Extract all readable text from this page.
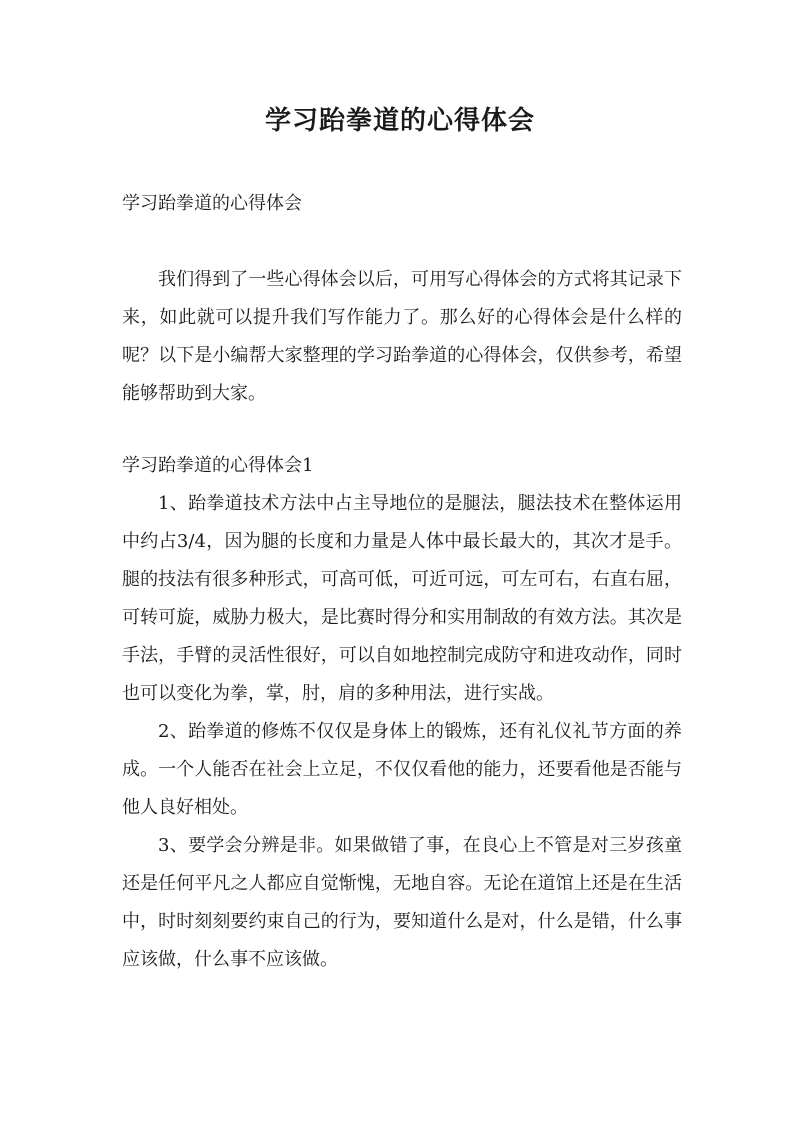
学习跆拳道的心得体会

学习跆拳道的心得体会

我们得到了一些心得体会以后，可用写心得体会的方式将其记录下来，如此就可以提升我们写作能力了。那么好的心得体会是什么样的呢？以下是小编帮大家整理的学习跆拳道的心得体会，仅供参考，希望能够帮助到大家。

学习跆拳道的心得体会1

1、跆拳道技术方法中占主导地位的是腿法，腿法技术在整体运用中约占3/4，因为腿的长度和力量是人体中最长最大的，其次才是手。腿的技法有很多种形式，可高可低，可近可远，可左可右，右直右屈，可转可旋，威胁力极大，是比赛时得分和实用制敌的有效方法。其次是手法，手臂的灵活性很好，可以自如地控制完成防守和进攻动作，同时也可以变化为拳，掌，肘，肩的多种用法，进行实战。

2、跆拳道的修炼不仅仅是身体上的锻炼，还有礼仪礼节方面的养成。一个人能否在社会上立足，不仅仅看他的能力，还要看他是否能与他人良好相处。

3、要学会分辨是非。如果做错了事，在良心上不管是对三岁孩童还是任何平凡之人都应自觉惭愧，无地自容。无论在道馆上还是在生活中，时时刻刻要约束自己的行为，要知道什么是对，什么是错，什么事应该做，什么事不应该做。
